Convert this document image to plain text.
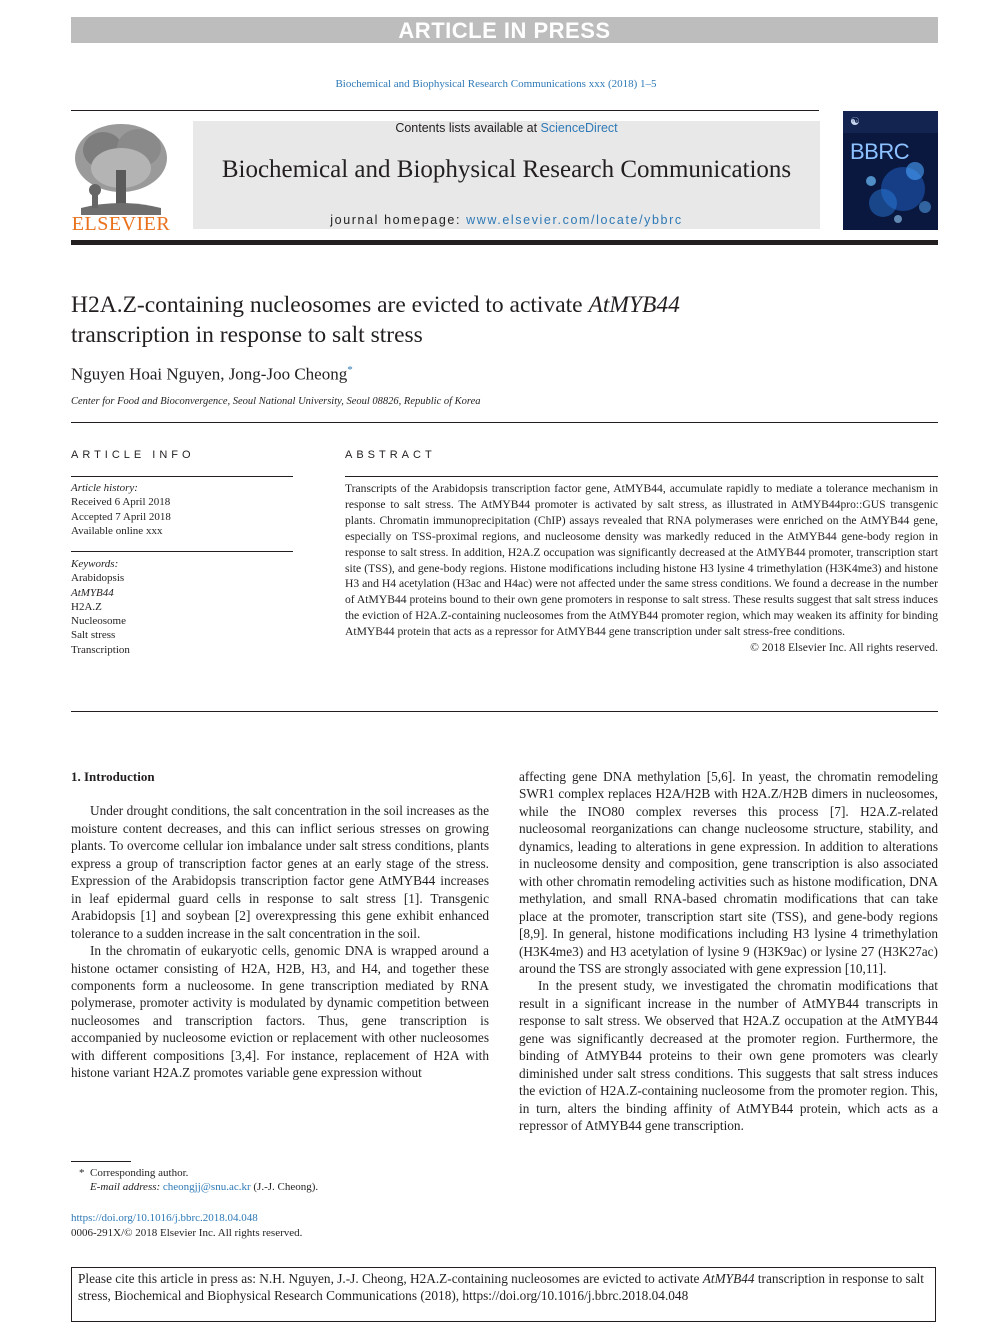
ARTICLE IN PRESS
Biochemical and Biophysical Research Communications xxx (2018) 1–5
ELSEVIER
Contents lists available at ScienceDirect
Biochemical and Biophysical Research Communications
journal homepage: www.elsevier.com/locate/ybbrc
BBRC
☯
H2A.Z-containing nucleosomes are evicted to activate AtMYB44
transcription in response to salt stress
Nguyen Hoai Nguyen, Jong-Joo Cheong*
Center for Food and Bioconvergence, Seoul National University, Seoul 08826, Republic of Korea
ARTICLE INFO
Article history:
Received 6 April 2018
Accepted 7 April 2018
Available online xxx
Keywords:
Arabidopsis
AtMYB44
H2A.Z
Nucleosome
Salt stress
Transcription
ABSTRACT
Transcripts of the Arabidopsis transcription factor gene, AtMYB44, accumulate rapidly to mediate a tolerance mechanism in response to salt stress. The AtMYB44 promoter is activated by salt stress, as illustrated in AtMYB44pro::GUS transgenic plants. Chromatin immunoprecipitation (ChIP) assays revealed that RNA polymerases were enriched on the AtMYB44 gene, especially on TSS-proximal regions, and nucleosome density was markedly reduced in the AtMYB44 gene-body region in response to salt stress. In addition, H2A.Z occupation was significantly decreased at the AtMYB44 promoter, transcription start site (TSS), and gene-body regions. Histone modifications including histone H3 lysine 4 trimethylation (H3K4me3) and histone H3 and H4 acetylation (H3ac and H4ac) were not affected under the same stress conditions. We found a decrease in the number of AtMYB44 proteins bound to their own gene promoters in response to salt stress. These results suggest that salt stress induces the eviction of H2A.Z-containing nucleosomes from the AtMYB44 promoter region, which may weaken its affinity for binding AtMYB44 protein that acts as a repressor for AtMYB44 gene transcription under salt stress-free conditions.
© 2018 Elsevier Inc. All rights reserved.

1. Introduction

Under drought conditions, the salt concentration in the soil increases as the moisture content decreases, and this can inflict serious stresses on growing plants. To overcome cellular ion imbalance under salt stress conditions, plants express a group of transcription factor genes at an early stage of the stress. Expression of the Arabidopsis transcription factor gene AtMYB44 increases in leaf epidermal guard cells in response to salt stress [1]. Transgenic Arabidopsis [1] and soybean [2] overexpressing this gene exhibit enhanced tolerance to a sudden increase in the salt concentration in the soil.

In the chromatin of eukaryotic cells, genomic DNA is wrapped around a histone octamer consisting of H2A, H2B, H3, and H4, and together these components form a nucleosome. In gene transcription mediated by RNA polymerase, promoter activity is modulated by dynamic competition between nucleosomes and transcription factors. Thus, gene transcription is accompanied by nucleosome eviction or replacement with other nucleosomes with different compositions [3,4]. For instance, replacement of H2A with histone variant H2A.Z promotes variable gene expression without

affecting gene DNA methylation [5,6]. In yeast, the chromatin remodeling SWR1 complex replaces H2A/H2B with H2A.Z/H2B dimers in nucleosomes, while the INO80 complex reverses this process [7]. H2A.Z-related nucleosomal reorganizations can change nucleosome structure, stability, and dynamics, leading to alterations in gene expression. In addition to alterations in nucleosome density and composition, gene transcription is also associated with other chromatin remodeling activities such as histone modification, DNA methylation, and small RNA-based chromatin modifications that can take place at the promoter, transcription start site (TSS), and gene-body regions [8,9]. In general, histone modifications including H3 lysine 4 trimethylation (H3K4me3) and H3 acetylation of lysine 9 (H3K9ac) or lysine 27 (H3K27ac) around the TSS are strongly associated with gene expression [10,11].

In the present study, we investigated the chromatin modifications that result in a significant increase in the number of AtMYB44 transcripts in response to salt stress. We observed that H2A.Z occupation at the AtMYB44 gene was significantly decreased at the promoter region. Furthermore, the binding of AtMYB44 proteins to their own gene promoters was clearly diminished under salt stress conditions. This suggests that salt stress induces the eviction of H2A.Z-containing nucleosome from the promoter region. This, in turn, alters the binding affinity of AtMYB44 protein, which acts as a repressor of AtMYB44 gene transcription.

* Corresponding author.
E-mail address: cheongjj@snu.ac.kr (J.-J. Cheong).
https://doi.org/10.1016/j.bbrc.2018.04.048
0006-291X/© 2018 Elsevier Inc. All rights reserved.
Please cite this article in press as: N.H. Nguyen, J.-J. Cheong, H2A.Z-containing nucleosomes are evicted to activate AtMYB44 transcription in response to salt stress, Biochemical and Biophysical Research Communications (2018), https://doi.org/10.1016/j.bbrc.2018.04.048
